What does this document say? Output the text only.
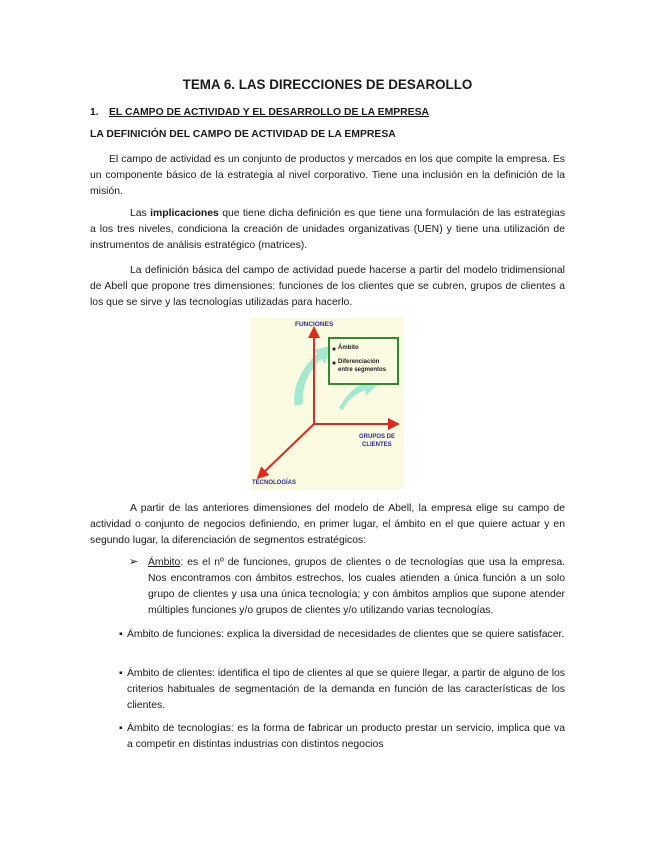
TEMA 6. LAS DIRECCIONES DE DESAROLLO
1. EL CAMPO DE ACTIVIDAD Y EL DESARROLLO DE LA EMPRESA
LA DEFINICIÓN DEL CAMPO DE ACTIVIDAD DE LA EMPRESA
El campo de actividad es un conjunto de productos y mercados en los que compite la empresa. Es un componente básico de la estrategia al nivel corporativo. Tiene una inclusión en la definición de la misión.
Las implicaciones que tiene dicha definición es que tiene una formulación de las estrategias a los tres niveles, condiciona la creación de unidades organizativas (UEN) y tiene una utilización de instrumentos de análisis estratégico (matrices).
La definición básica del campo de actividad puede hacerse a partir del modelo tridimensional de Abell que propone tres dimensiones: funciones de los clientes que se cubren, grupos de clientes a los que se sirve y las tecnologías utilizadas para hacerlo.
FUNCIONES
GRUPOS DE
CLIENTES
TECNOLOGÍAS
Ámbito
Diferenciación
entre segmentos
A partir de las anteriores dimensiones del modelo de Abell, la empresa elige su campo de actividad o conjunto de negocios definiendo, en primer lugar, el ámbito en el que quiere actuar y en segundo lugar, la diferenciación de segmentos estratégicos:
➢ Ámbito: es el nº de funciones, grupos de clientes o de tecnologías que usa la empresa. Nos encontramos con ámbitos estrechos, los cuales atienden a única función a un solo grupo de clientes y usa una única tecnología; y con ámbitos amplios que supone atender múltiples funciones y/o grupos de clientes y/o utilizando varias tecnologías.
▪ Ámbito de funciones: explica la diversidad de necesidades de clientes que se quiere satisfacer.
▪ Ámbito de clientes: identifica el tipo de clientes al que se quiere llegar, a partir de alguno de los criterios habituales de segmentación de la demanda en función de las características de los clientes.
▪ Ámbito de tecnologías: es la forma de fabricar un producto prestar un servicio, implica que va a competir en distintas industrias con distintos negocios
